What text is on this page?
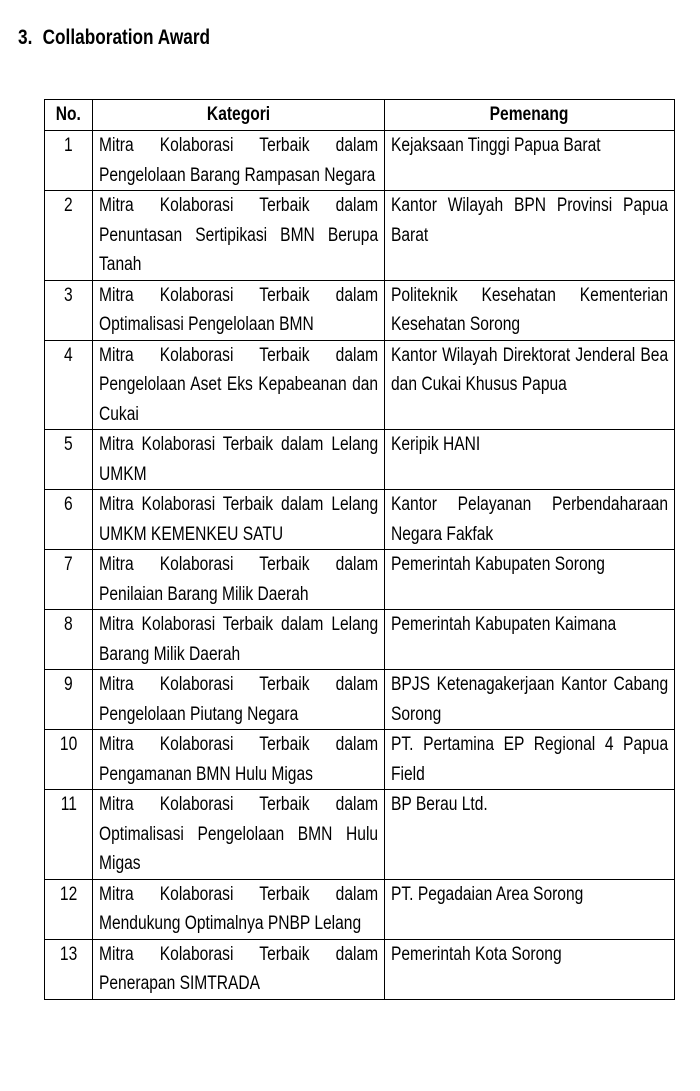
3. Collaboration Award
No.	Kategori	Pemenang
1	Mitra Kolaborasi Terbaik dalam Pengelolaan Barang Rampasan Negara	Kejaksaan Tinggi Papua Barat

2	Mitra Kolaborasi Terbaik dalam Penuntasan Sertipikasi BMN Berupa Tanah	Kantor Wilayah BPN Provinsi Papua Barat

3	Mitra Kolaborasi Terbaik dalam Optimalisasi Pengelolaan BMN	Politeknik Kesehatan Kementerian Kesehatan Sorong

4	Mitra Kolaborasi Terbaik dalam Pengelolaan Aset Eks Kepabeanan dan Cukai	Kantor Wilayah Direktorat Jenderal Bea dan Cukai Khusus Papua

5	Mitra Kolaborasi Terbaik dalam Lelang UMKM	Keripik HANI

6	Mitra Kolaborasi Terbaik dalam Lelang UMKM KEMENKEU SATU	Kantor Pelayanan Perbendaharaan Negara Fakfak

7	Mitra Kolaborasi Terbaik dalam Penilaian Barang Milik Daerah	Pemerintah Kabupaten Sorong

8	Mitra Kolaborasi Terbaik dalam Lelang Barang Milik Daerah	Pemerintah Kabupaten Kaimana

9	Mitra Kolaborasi Terbaik dalam Pengelolaan Piutang Negara	BPJS Ketenagakerjaan Kantor Cabang Sorong

10	Mitra Kolaborasi Terbaik dalam Pengamanan BMN Hulu Migas	PT. Pertamina EP Regional 4 Papua Field

11	Mitra Kolaborasi Terbaik dalam Optimalisasi Pengelolaan BMN Hulu Migas	BP Berau Ltd.

12	Mitra Kolaborasi Terbaik dalam Mendukung Optimalnya PNBP Lelang	PT. Pegadaian Area Sorong

13	Mitra Kolaborasi Terbaik dalam Penerapan SIMTRADA	Pemerintah Kota Sorong
